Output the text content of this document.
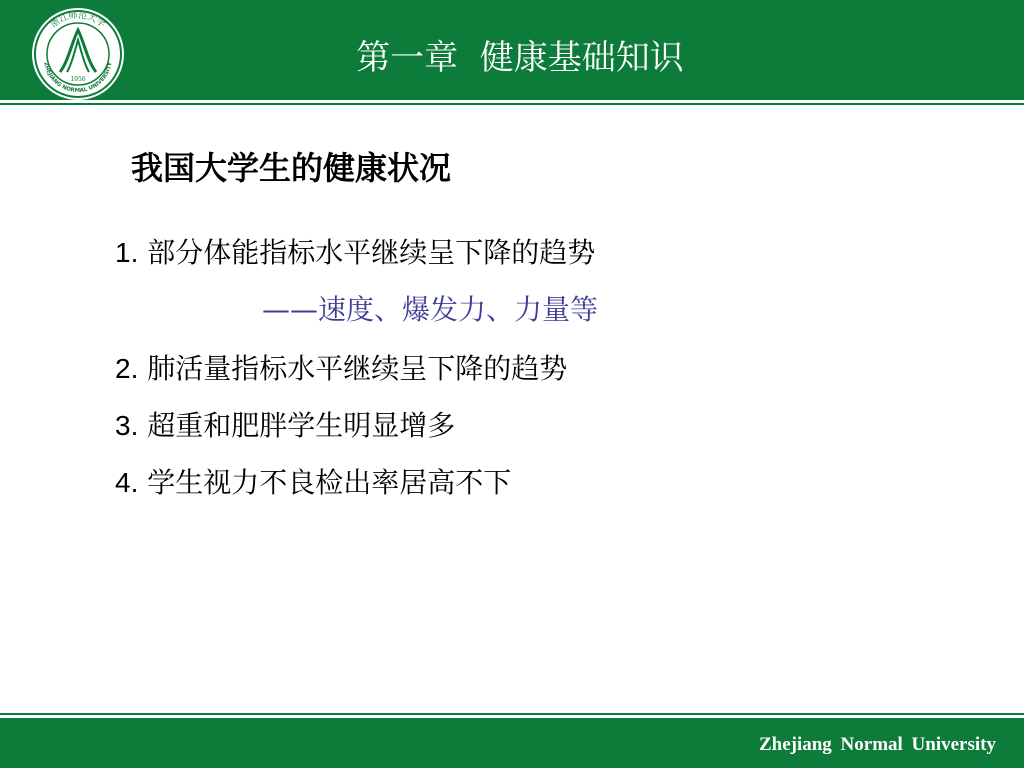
浙江师范大学
ZHEJIANG NORMAL UNIVERSITY
1956
第一章  健康基础知识
我国大学生的健康状况
1. 部分体能指标水平继续呈下降的趋势
——速度、爆发力、力量等
2. 肺活量指标水平继续呈下降的趋势
3. 超重和肥胖学生明显增多
4. 学生视力不良检出率居高不下
Zhejiang Normal University
